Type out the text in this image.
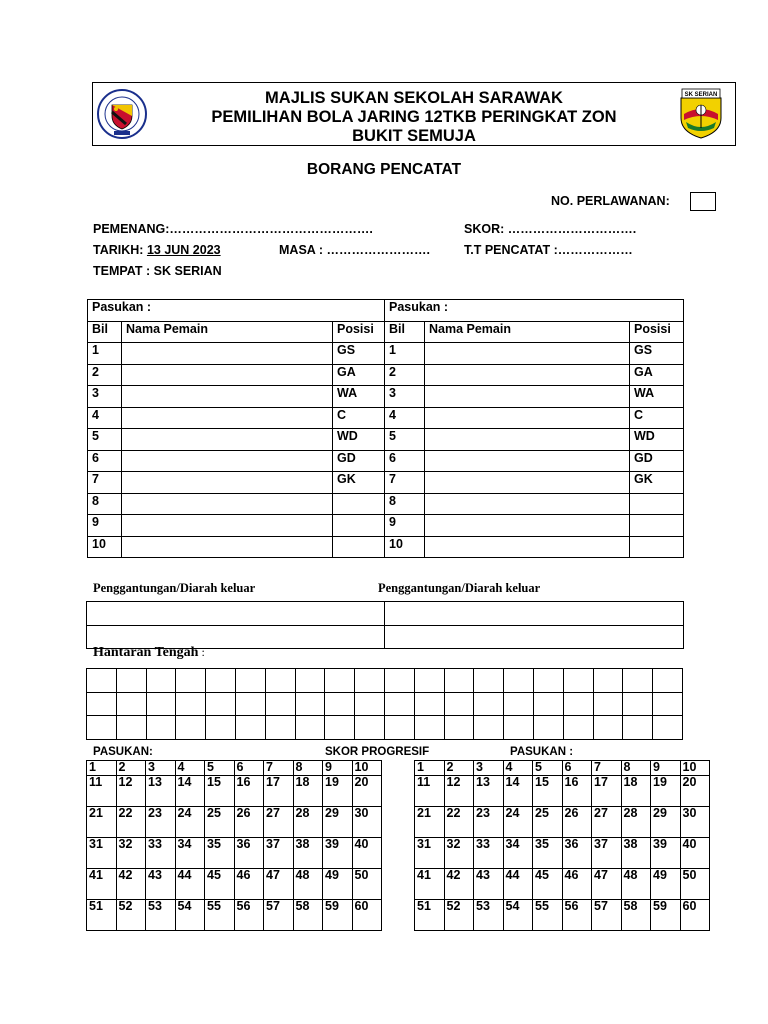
MAJLIS SUKAN SEKOLAH SARAWAK
PEMILIHAN BOLA JARING 12TKB PERINGKAT ZON
BUKIT SEMUJA
SK SERIAN
BORANG PENCATAT
NO. PERLAWANAN:
PEMENANG:………………………………………….	SKOR: ………………………….
TARIKH: 13 JUN 2023	MASA : …………………….	T.T PENCATAT :………………
TEMPAT : SK SERIAN
Pasukan :			Pasukan :		
Bil	Nama Pemain	Posisi	Bil	Nama Pemain	Posisi
1		GS	1		GS
2		GA	2		GA
3		WA	3		WA
4		C	4		C
5		WD	5		WD
6		GD	6		GD
7		GK	7		GK
8			8		
9			9		
10			10		
Penggantungan/Diarah keluar	Penggantungan/Diarah keluar

Hantaran Tengah :

PASUKAN:	SKOR PROGRESIF	PASUKAN :
1	2	3	4	5	6	7	8	9	10
11	12	13	14	15	16	17	18	19	20
21	22	23	24	25	26	27	28	29	30
31	32	33	34	35	36	37	38	39	40
41	42	43	44	45	46	47	48	49	50
51	52	53	54	55	56	57	58	59	60
1	2	3	4	5	6	7	8	9	10
11	12	13	14	15	16	17	18	19	20
21	22	23	24	25	26	27	28	29	30
31	32	33	34	35	36	37	38	39	40
41	42	43	44	45	46	47	48	49	50
51	52	53	54	55	56	57	58	59	60
